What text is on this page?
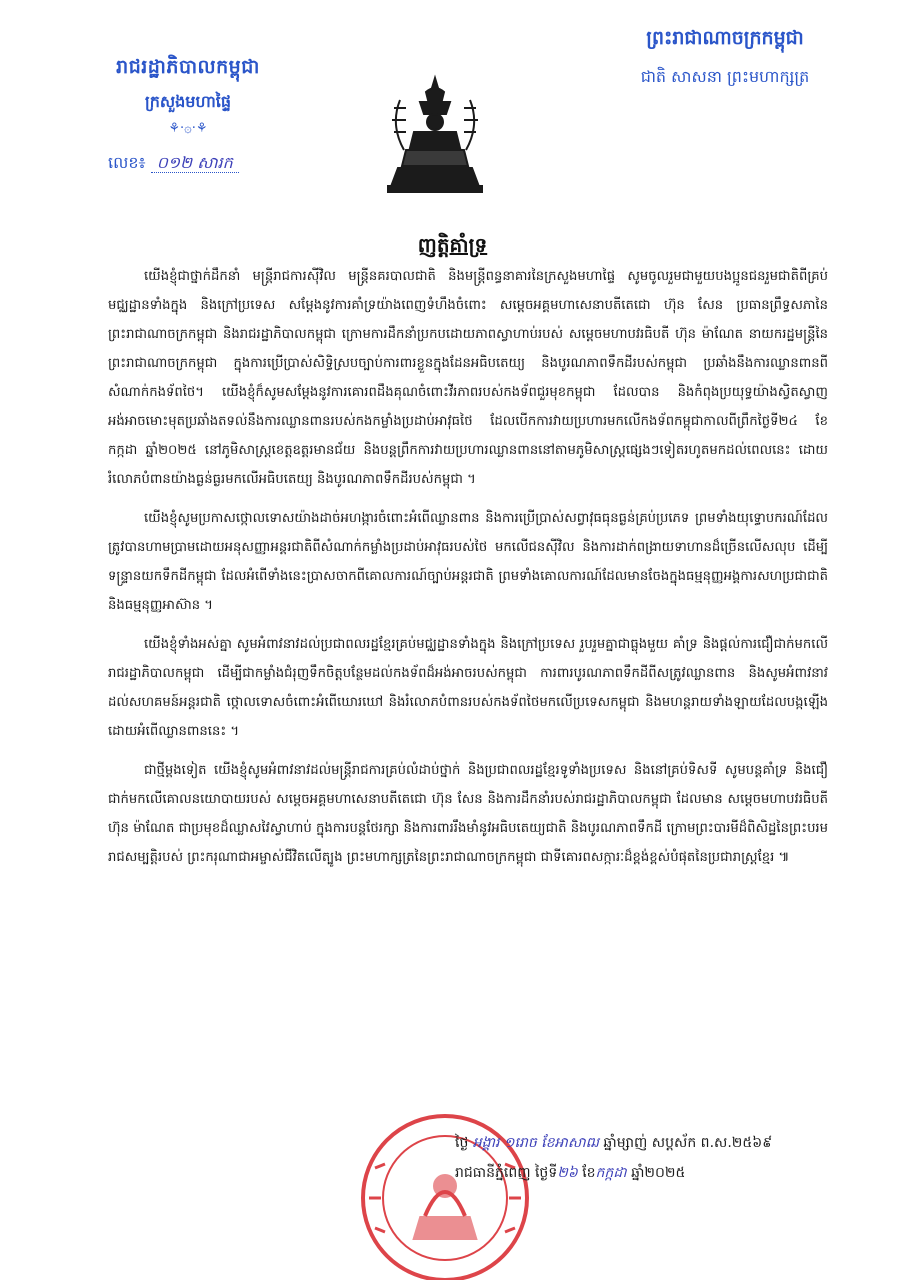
រាជរដ្ឋាភិបាលកម្ពុជា
ក្រសួងមហាផ្ទៃ
⚘·۞·⚘
លេខ៖ ០១២ សារក
ព្រះរាជាណាចក្រកម្ពុជា
ជាតិ សាសនា ព្រះមហាក្សត្រ
ញត្តិគាំទ្រ

យើងខ្ញុំជាថ្នាក់ដឹកនាំ មន្ត្រីរាជការស៊ីវិល មន្ត្រីនគរបាលជាតិ និងមន្ត្រីពន្ធនាគារនៃក្រសួងមហាផ្ទៃ សូមចូលរួមជាមួយបងប្អូនជនរួមជាតិពីគ្រប់មជ្ឈដ្ឋានទាំងក្នុង និងក្រៅប្រទេស សម្តែងនូវការគាំទ្រយ៉ាងពេញទំហឹងចំពោះ សម្តេចអគ្គមហាសេនាបតីតេជោ ហ៊ុន សែន ប្រធានព្រឹទ្ធសភានៃព្រះរាជាណាចក្រកម្ពុជា និងរាជរដ្ឋាភិបាលកម្ពុជា ក្រោមការដឹកនាំប្រកបដោយភាពស្វាហាប់របស់ សម្តេចមហាបវរធិបតី ហ៊ុន ម៉ាណែត នាយករដ្ឋមន្ត្រីនៃព្រះរាជាណាចក្រកម្ពុជា ក្នុងការប្រើប្រាស់សិទ្ធិស្របច្បាប់ការពារខ្លួនក្នុងដែនអធិបតេយ្យ និងបូរណភាពទឹកដីរបស់កម្ពុជា ប្រឆាំងនឹងការឈ្លានពានពីសំណាក់កងទ័ពថៃ។ យើងខ្ញុំក៏សូមសម្តែងនូវការគោរពដឹងគុណចំពោះវីរភាពរបស់កងទ័ពជួរមុខកម្ពុជា ដែលបាន និងកំពុងប្រយុទ្ធយ៉ាងស្វិតស្វាញ អង់អាចមោះមុតប្រឆាំងតទល់នឹងការឈ្លានពានរបស់កងកម្លាំងប្រដាប់អាវុធថៃ ដែលបើកការវាយប្រហារមកលើកងទ័ពកម្ពុជាកាលពីព្រឹកថ្ងៃទី២៤ ខែកក្កដា ឆ្នាំ២០២៥ នៅភូមិសាស្ត្រខេត្តឧត្តរមានជ័យ និងបន្តព្រឹកការវាយប្រហារឈ្លានពាននៅតាមភូមិសាស្ត្រផ្សេងៗទៀតរហូតមកដល់ពេលនេះ ដោយរំលោភបំពានយ៉ាងធ្ងន់ធ្ងរមកលើអធិបតេយ្យ និងបូរណភាពទឹកដីរបស់កម្ពុជា ។

យើងខ្ញុំសូមប្រកាសថ្កោលទោសយ៉ាងដាច់អហង្ការចំពោះអំពើឈ្លានពាន និងការប្រើប្រាស់សព្វាវុធធុនធ្ងន់គ្រប់ប្រភេទ ព្រមទាំងយុទ្ធោបករណ៍ដែលត្រូវបានហាមប្រាមដោយអនុសញ្ញាអន្តរជាតិពីសំណាក់កម្លាំងប្រដាប់អាវុធរបស់ថៃ មកលើជនស៊ីវិល និងការដាក់ពង្រាយទាហានដ៏ច្រើនលើសលុប ដើម្បីទន្ទ្រានយកទឹកដីកម្ពុជា ដែលអំពើទាំងនេះប្រាសចាកពីគោលការណ៍ច្បាប់អន្តរជាតិ ព្រមទាំងគោលការណ៍ដែលមានចែងក្នុងធម្មនុញ្ញអង្គការសហប្រជាជាតិ និងធម្មនុញ្ញអាស៊ាន ។

យើងខ្ញុំទាំងអស់គ្នា សូមអំពាវនាវដល់ប្រជាពលរដ្ឋខ្មែរគ្រប់មជ្ឈដ្ឋានទាំងក្នុង និងក្រៅប្រទេស រួបរួមគ្នាជាធ្លុងមួយ គាំទ្រ និងផ្តល់ការជឿជាក់មកលើរាជរដ្ឋាភិបាលកម្ពុជា ដើម្បីជាកម្លាំងជំរុញទឹកចិត្តបន្ថែមដល់កងទ័ពដ៏អង់អាចរបស់កម្ពុជា ការពារបូរណភាពទឹកដីពីសត្រូវឈ្លានពាន និងសូមអំពាវនាវដល់សហគមន៍អន្តរជាតិ ថ្កោលទោសចំពោះអំពើឃោរឃៅ និងរំលោភបំពានរបស់កងទ័ពថៃមកលើប្រទេសកម្ពុជា និងមហន្តរាយទាំងឡាយដែលបង្កឡើងដោយអំពើឈ្លានពាននេះ ។

ជាថ្មីម្តងទៀត យើងខ្ញុំសូមអំពាវនាវដល់មន្ត្រីរាជការគ្រប់លំដាប់ថ្នាក់ និងប្រជាពលរដ្ឋខ្មែរទូទាំងប្រទេស និងនៅគ្រប់ទិសទី សូមបន្តគាំទ្រ និងជឿជាក់មកលើគោលនយោបាយរបស់ សម្តេចអគ្គមហាសេនាបតីតេជោ ហ៊ុន សែន និងការដឹកនាំរបស់រាជរដ្ឋាភិបាលកម្ពុជា ដែលមាន សម្តេចមហាបវរធិបតី ហ៊ុន ម៉ាណែត ជាប្រមុខដ៏ឈ្លាសវៃស្វាហាប់ ក្នុងការបន្តថែរក្សា និងការពាររឹងមាំនូវអធិបតេយ្យជាតិ និងបូរណភាពទឹកដី ក្រោមព្រះបារមីដ៏ពិសិដ្ឋនៃព្រះបរមរាជសម្បត្តិរបស់ ព្រះករុណាជាអម្ចាស់ជីវិតលើត្បូង ព្រះមហាក្សត្រនៃព្រះរាជាណាចក្រកម្ពុជា ជាទីគោរពសក្ការៈដ៏ខ្ពង់ខ្ពស់បំផុតនៃប្រជារាស្ត្រខ្មែរ ៕

ថ្ងៃ អង្គារ ១រោច ខែអាសាឍ ឆ្នាំម្សាញ់ សប្តស័ក ព.ស.២៥៦៩
រាជធានីភ្នំពេញ ថ្ងៃទី២៦ ខែកក្កដា ឆ្នាំ២០២៥
